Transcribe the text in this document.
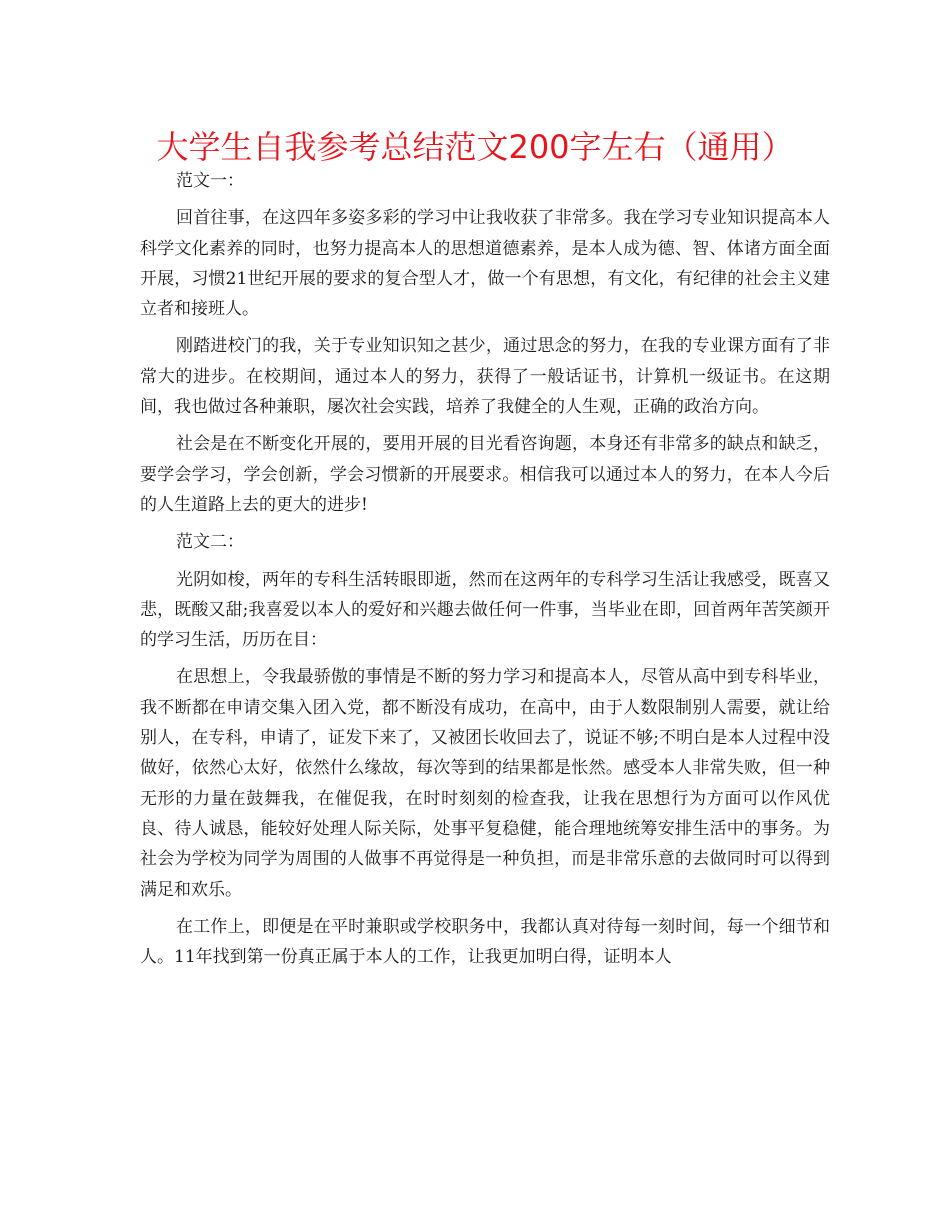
大学生自我参考总结范文200字左右（通用）

范文一：

回首往事，在这四年多姿多彩的学习中让我收获了非常多。我在学习专业知识提高本人科学文化素养的同时，也努力提高本人的思想道德素养，是本人成为德、智、体诸方面全面开展，习惯21世纪开展的要求的复合型人才，做一个有思想，有文化，有纪律的社会主义建立者和接班人。

刚踏进校门的我，关于专业知识知之甚少，通过思念的努力，在我的专业课方面有了非常大的进步。在校期间，通过本人的努力，获得了一般话证书，计算机一级证书。在这期间，我也做过各种兼职，屡次社会实践，培养了我健全的人生观，正确的政治方向。

社会是在不断变化开展的，要用开展的目光看咨询题，本身还有非常多的缺点和缺乏，要学会学习，学会创新，学会习惯新的开展要求。相信我可以通过本人的努力，在本人今后的人生道路上去的更大的进步!

范文二：

光阴如梭，两年的专科生活转眼即逝，然而在这两年的专科学习生活让我感受，既喜又悲，既酸又甜;我喜爱以本人的爱好和兴趣去做任何一件事，当毕业在即，回首两年苦笑颜开的学习生活，历历在目：

在思想上，令我最骄傲的事情是不断的努力学习和提高本人，尽管从高中到专科毕业，我不断都在申请交集入团入党，都不断没有成功，在高中，由于人数限制别人需要，就让给别人，在专科，申请了，证发下来了，又被团长收回去了，说证不够;不明白是本人过程中没做好，依然心太好，依然什么缘故，每次等到的结果都是怅然。感受本人非常失败，但一种无形的力量在鼓舞我，在催促我，在时时刻刻的检查我，让我在思想行为方面可以作风优良、待人诚恳，能较好处理人际关际，处事平复稳健，能合理地统筹安排生活中的事务。为社会为学校为同学为周围的人做事不再觉得是一种负担，而是非常乐意的去做同时可以得到满足和欢乐。

在工作上，即便是在平时兼职或学校职务中，我都认真对待每一刻时间，每一个细节和人。11年找到第一份真正属于本人的工作，让我更加明白得，证明本人
